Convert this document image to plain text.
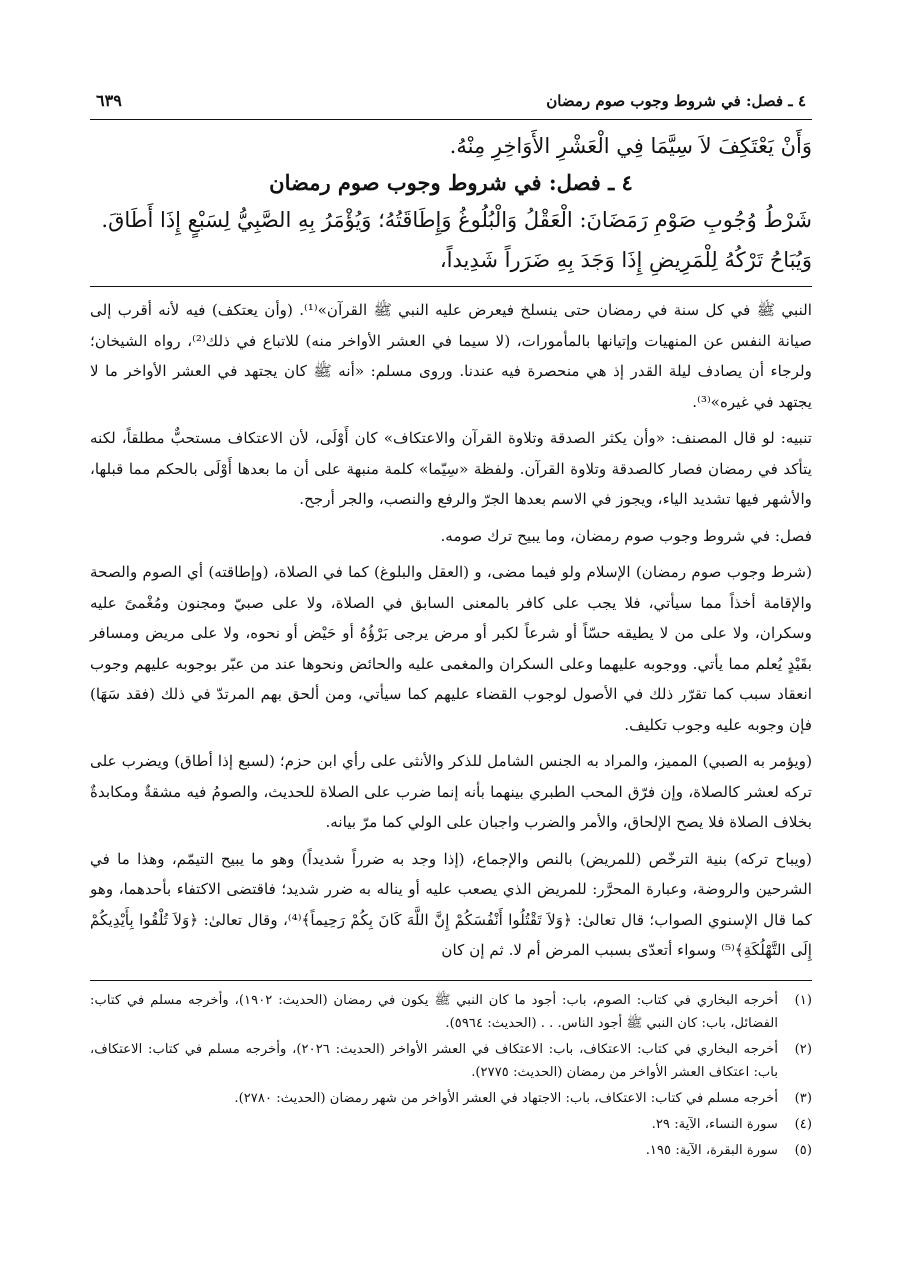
٤ ـ فصل: في شروط وجوب صوم رمضان
٦٣٩
وَأَنْ يَعْتَكِفَ لاَ سِيَّمَا فِي الْعَشْرِ الأَوَاخِرِ مِنْهُ.
٤ ـ فصل: في شروط وجوب صوم رمضان
شَرْطُ وُجُوبِ صَوْمِ رَمَضَانَ: الْعَقْلُ وَالْبُلُوغُ وَإِطَاقَتُهُ؛ وَيُؤْمَرُ بِهِ الصَّبِيُّ لِسَبْعٍ إِذَا أَطَاقَ.
وَيُبَاحُ تَرْكُهُ لِلْمَرِيضِ إِذَا وَجَدَ بِهِ ضَرَراً شَدِيداً،

النبي ﷺ في كل سنة في رمضان حتى ينسلخ فيعرض عليه النبي ﷺ القرآن»⁽¹⁾. (وأن يعتكف) فيه لأنه أقرب إلى صيانة النفس عن المنهيات وإتيانها بالمأمورات، (لا سيما في العشر الأواخر منه) للاتباع في ذلك⁽²⁾، رواه الشيخان؛ ولرجاء أن يصادف ليلة القدر إذ هي منحصرة فيه عندنا. وروى مسلم: «أنه ﷺ كان يجتهد في العشر الأواخر ما لا يجتهد في غيره»⁽³⁾.

تنبيه: لو قال المصنف: «وأن يكثر الصدقة وتلاوة القرآن والاعتكاف» كان أَوْلَى، لأن الاعتكاف مستحبٌّ مطلقاً، لكنه يتأكد في رمضان فصار كالصدقة وتلاوة القرآن. ولفظة «سِيّما» كلمة منبهة على أن ما بعدها أَوْلَى بالحكم مما قبلها، والأشهر فيها تشديد الياء، ويجوز في الاسم بعدها الجرّ والرفع والنصب، والجر أرجح.

فصل: في شروط وجوب صوم رمضان، وما يبيح ترك صومه.

(شرط وجوب صوم رمضان) الإسلام ولو فيما مضى، و (العقل والبلوغ) كما في الصلاة، (وإطاقته) أي الصوم والصحة والإقامة أخذاً مما سيأتي، فلا يجب على كافر بالمعنى السابق في الصلاة، ولا على صبيّ ومجنون ومُغْمىً عليه وسكران، ولا على من لا يطيقه حسّاً أو شرعاً لكبر أو مرض يرجى بَرْؤُهُ أو حَيْض أو نحوه، ولا على مريض ومسافر بقَيْدٍ يُعلم مما يأتي. ووجوبه عليهما وعلى السكران والمغمى عليه والحائض ونحوها عند من عبّر بوجوبه عليهم وجوب انعقاد سبب كما تقرّر ذلك في الأصول لوجوب القضاء عليهم كما سيأتي، ومن ألحق بهم المرتدّ في ذلك (فقد سَهَا) فإن وجوبه عليه وجوب تكليف.

(ويؤمر به الصبي) المميز، والمراد به الجنس الشامل للذكر والأنثى على رأي ابن حزم؛ (لسبع إذا أطاق) ويضرب على تركه لعشر كالصلاة، وإن فرّق المحب الطبري بينهما بأنه إنما ضرب على الصلاة للحديث، والصومُ فيه مشقةٌ ومكابدةٌ بخلاف الصلاة فلا يصح الإلحاق، والأمر والضرب واجبان على الولي كما مرّ بيانه.

(ويباح تركه) بنية الترخّص (للمريض) بالنص والإجماع، (إذا وجد به ضرراً شديداً) وهو ما يبيح التيمّم، وهذا ما في الشرحين والروضة، وعبارة المحرَّر: للمريض الذي يصعب عليه أو يناله به ضرر شديد؛ فاقتضى الاكتفاء بأحدهما، وهو كما قال الإسنوي الصواب؛ قال تعالىٰ: ﴿وَلاَ تَقْتُلُوا أَنْفُسَكُمْ إِنَّ اللَّهَ كَانَ بِكُمْ رَحِيماً﴾⁽⁴⁾، وقال تعالىٰ: ﴿وَلاَ تُلْقُوا بِأَيْدِيكُمْ إِلَى التَّهْلُكَةِ﴾⁽⁵⁾ وسواء أتعدّى بسبب المرض أم لا. ثم إن كان

(١)
أخرجه البخاري في كتاب: الصوم، باب: أجود ما كان النبي ﷺ يكون في رمضان (الحديث: ١٩٠٢)، وأخرجه مسلم في كتاب: الفضائل، باب: كان النبي ﷺ أجود الناس. . . (الحديث: ٥٩٦٤).
(٢)
أخرجه البخاري في كتاب: الاعتكاف، باب: الاعتكاف في العشر الأواخر (الحديث: ٢٠٢٦)، وأخرجه مسلم في كتاب: الاعتكاف، باب: اعتكاف العشر الأواخر من رمضان (الحديث: ٢٧٧٥).
(٣)
أخرجه مسلم في كتاب: الاعتكاف، باب: الاجتهاد في العشر الأواخر من شهر رمضان (الحديث: ٢٧٨٠).
(٤)
سورة النساء، الآية: ٢٩.
(٥)
سورة البقرة، الآية: ١٩٥.
